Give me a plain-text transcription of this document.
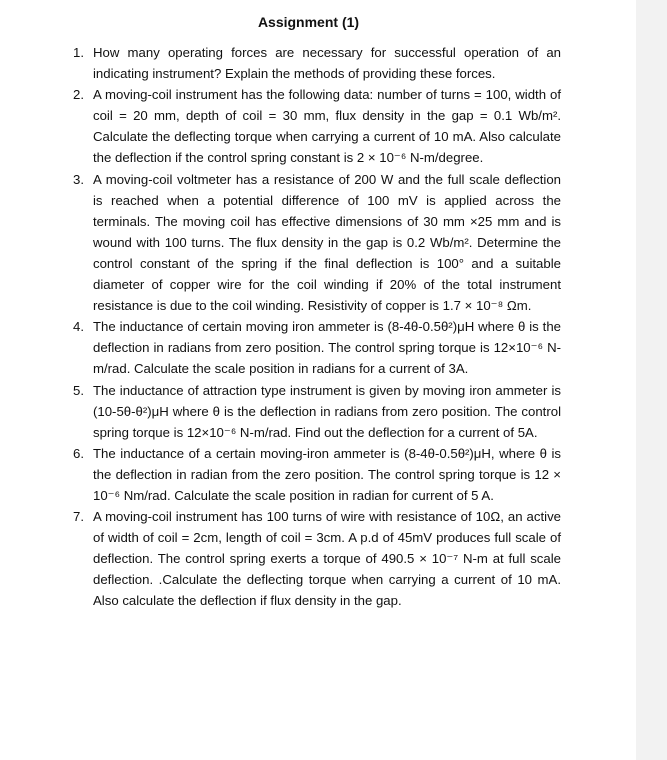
Assignment (1)
1. How many operating forces are necessary for successful operation of an indicating instrument? Explain the methods of providing these forces.
2. A moving-coil instrument has the following data: number of turns = 100, width of coil = 20 mm, depth of coil = 30 mm, flux density in the gap = 0.1 Wb/m². Calculate the deflecting torque when carrying a current of 10 mA. Also calculate the deflection if the control spring constant is 2 × 10⁻⁶ N-m/degree.
3. A moving-coil voltmeter has a resistance of 200 W and the full scale deflection is reached when a potential difference of 100 mV is applied across the terminals. The moving coil has effective dimensions of 30 mm ×25 mm and is wound with 100 turns. The flux density in the gap is 0.2 Wb/m². Determine the control constant of the spring if the final deflection is 100° and a suitable diameter of copper wire for the coil winding if 20% of the total instrument resistance is due to the coil winding. Resistivity of copper is 1.7 × 10⁻⁸ Ωm.
4. The inductance of certain moving iron ammeter is (8-4θ-0.5θ²)μH where θ is the deflection in radians from zero position. The control spring torque is 12×10⁻⁶ N-m/rad. Calculate the scale position in radians for a current of 3A.
5. The inductance of attraction type instrument is given by moving iron ammeter is (10-5θ-θ²)μH where θ is the deflection in radians from zero position. The control spring torque is 12×10⁻⁶ N-m/rad. Find out the deflection for a current of 5A.
6. The inductance of a certain moving-iron ammeter is (8-4θ-0.5θ²)μH, where θ is the deflection in radian from the zero position. The control spring torque is 12 × 10⁻⁶ Nm/rad. Calculate the scale position in radian for current of 5 A.
7. A moving-coil instrument has 100 turns of wire with resistance of 10Ω, an active of width of coil = 2cm, length of coil = 3cm. A p.d of 45mV produces full scale of deflection. The control spring exerts a torque of 490.5 × 10⁻⁷ N-m at full scale deflection. .Calculate the deflecting torque when carrying a current of 10 mA. Also calculate the deflection if flux density in the gap.
